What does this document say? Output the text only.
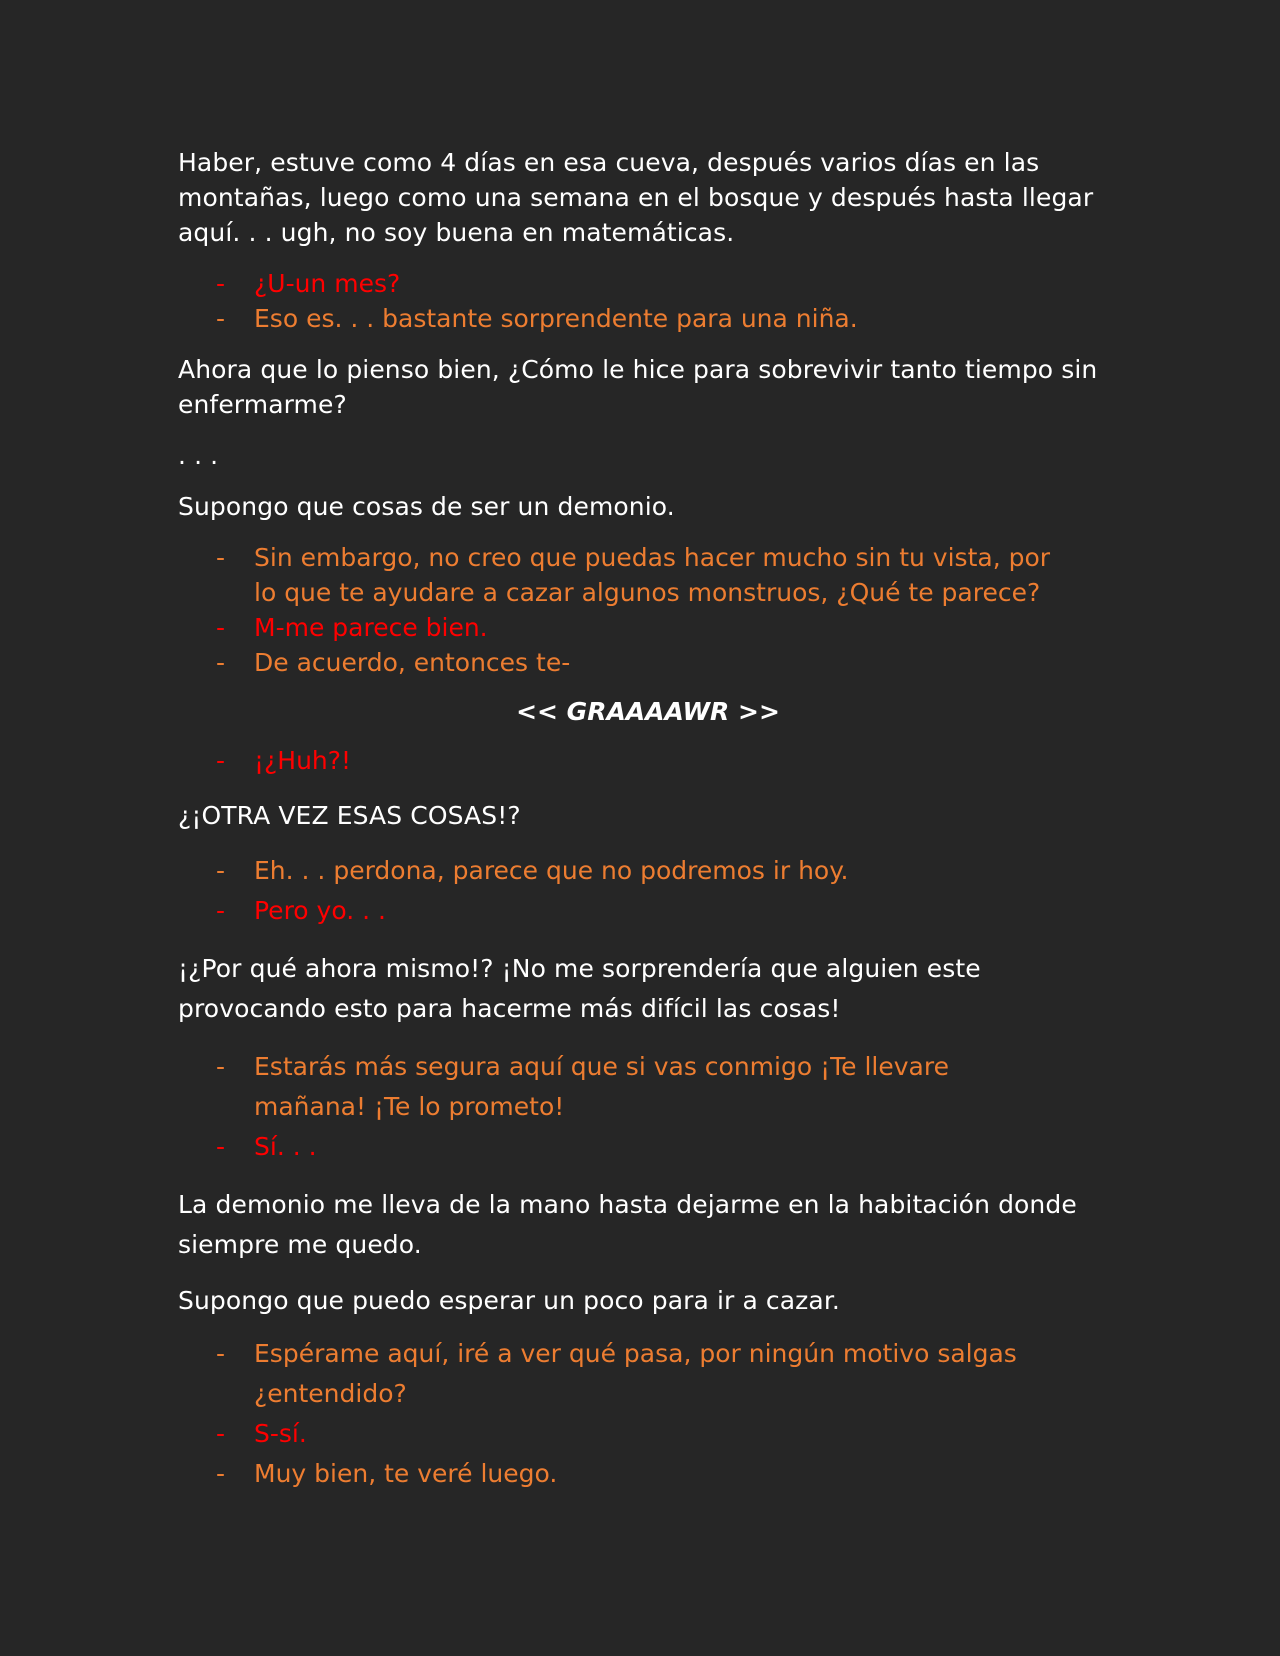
Haber, estuve como 4 días en esa cueva, después varios días en las montañas, luego como una semana en el bosque y después hasta llegar aquí. . . ugh, no soy buena en matemáticas.

- ¿U-un mes?
- Eso es. . . bastante sorprendente para una niña.

Ahora que lo pienso bien, ¿Cómo le hice para sobrevivir tanto tiempo sin enfermarme?

. . .

Supongo que cosas de ser un demonio.

- Sin embargo, no creo que puedas hacer mucho sin tu vista, por
lo que te ayudare a cazar algunos monstruos, ¿Qué te parece?
- M-me parece bien.
- De acuerdo, entonces te-

<< GRAAAAWR >>

- ¡¿Huh?!

¿¡OTRA VEZ ESAS COSAS!?

- Eh. . . perdona, parece que no podremos ir hoy.
- Pero yo. . .

¡¿Por qué ahora mismo!? ¡No me sorprendería que alguien este provocando esto para hacerme más difícil las cosas!

- Estarás más segura aquí que si vas conmigo ¡Te llevare
mañana! ¡Te lo prometo!
- Sí. . .

La demonio me lleva de la mano hasta dejarme en la habitación donde siempre me quedo.

Supongo que puedo esperar un poco para ir a cazar.

- Espérame aquí, iré a ver qué pasa, por ningún motivo salgas
¿entendido?
- S-sí.
- Muy bien, te veré luego.
